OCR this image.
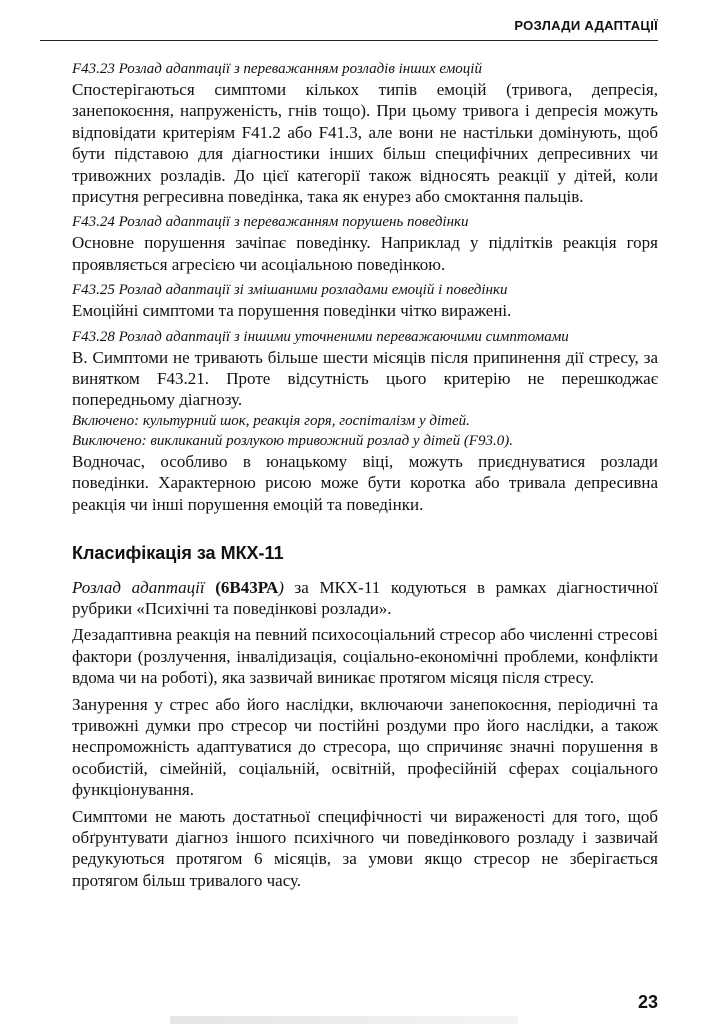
РОЗЛАДИ АДАПТАЦІЇ

F43.23 Розлад адаптації з переважанням розладів інших емоцій

Спостерігаються симптоми кількох типів емоцій (тривога, депресія, занепокоєння, напруженість, гнів тощо). При цьому тривога і депресія можуть відповідати критеріям F41.2 або F41.3, але вони не настільки домінують, щоб бути підставою для діагностики інших більш специфічних депресивних чи тривожних розладів. До цієї категорії також відносять реакції у дітей, коли присутня регресивна поведінка, така як енурез або смоктання пальців.

F43.24 Розлад адаптації з переважанням порушень поведінки

Основне порушення зачіпає поведінку. Наприклад у підлітків реакція горя проявляється агресією чи асоціальною поведінкою.

F43.25 Розлад адаптації зі змішаними розладами емоцій і поведінки

Емоційні симптоми та порушення поведінки чітко виражені.

F43.28 Розлад адаптації з іншими уточненими переважаючими симптомами

B. Симптоми не тривають більше шести місяців після припинення дії стресу, за винятком F43.21. Проте відсутність цього критерію не перешкоджає попередньому діагнозу.

Включено: культурний шок, реакція горя, госпіталізм у дітей.

Виключено: викликаний розлукою тривожний розлад у дітей (F93.0).

Водночас, особливо в юнацькому віці, можуть приєднуватися розлади поведінки. Характерною рисою може бути коротка або тривала депресивна реакція чи інші порушення емоцій та поведінки.

Класифікація за МКХ-11

Розлад адаптації (6B43РА) за МКХ-11 кодуються в рамках діагностичної рубрики «Психічні та поведінкові розлади».

Дезадаптивна реакція на певний психосоціальний стресор або численні стресові фактори (розлучення, інвалідизація, соціально-економічні проблеми, конфлікти вдома чи на роботі), яка зазвичай виникає протягом місяця після стресу.

Занурення у стрес або його наслідки, включаючи занепокоєння, періодичні та тривожні думки про стресор чи постійні роздуми про його наслідки, а також неспроможність адаптуватися до стресора, що спричиняє значні порушення в особистій, сімейній, соціальній, освітній, професійній сферах соціального функціонування.

Симптоми не мають достатньої специфічності чи вираженості для того, щоб обґрунтувати діагноз іншого психічного чи поведінкового розладу і зазвичай редукуються протягом 6 місяців, за умови якщо стресор не зберігається протягом більш тривалого часу.

23
